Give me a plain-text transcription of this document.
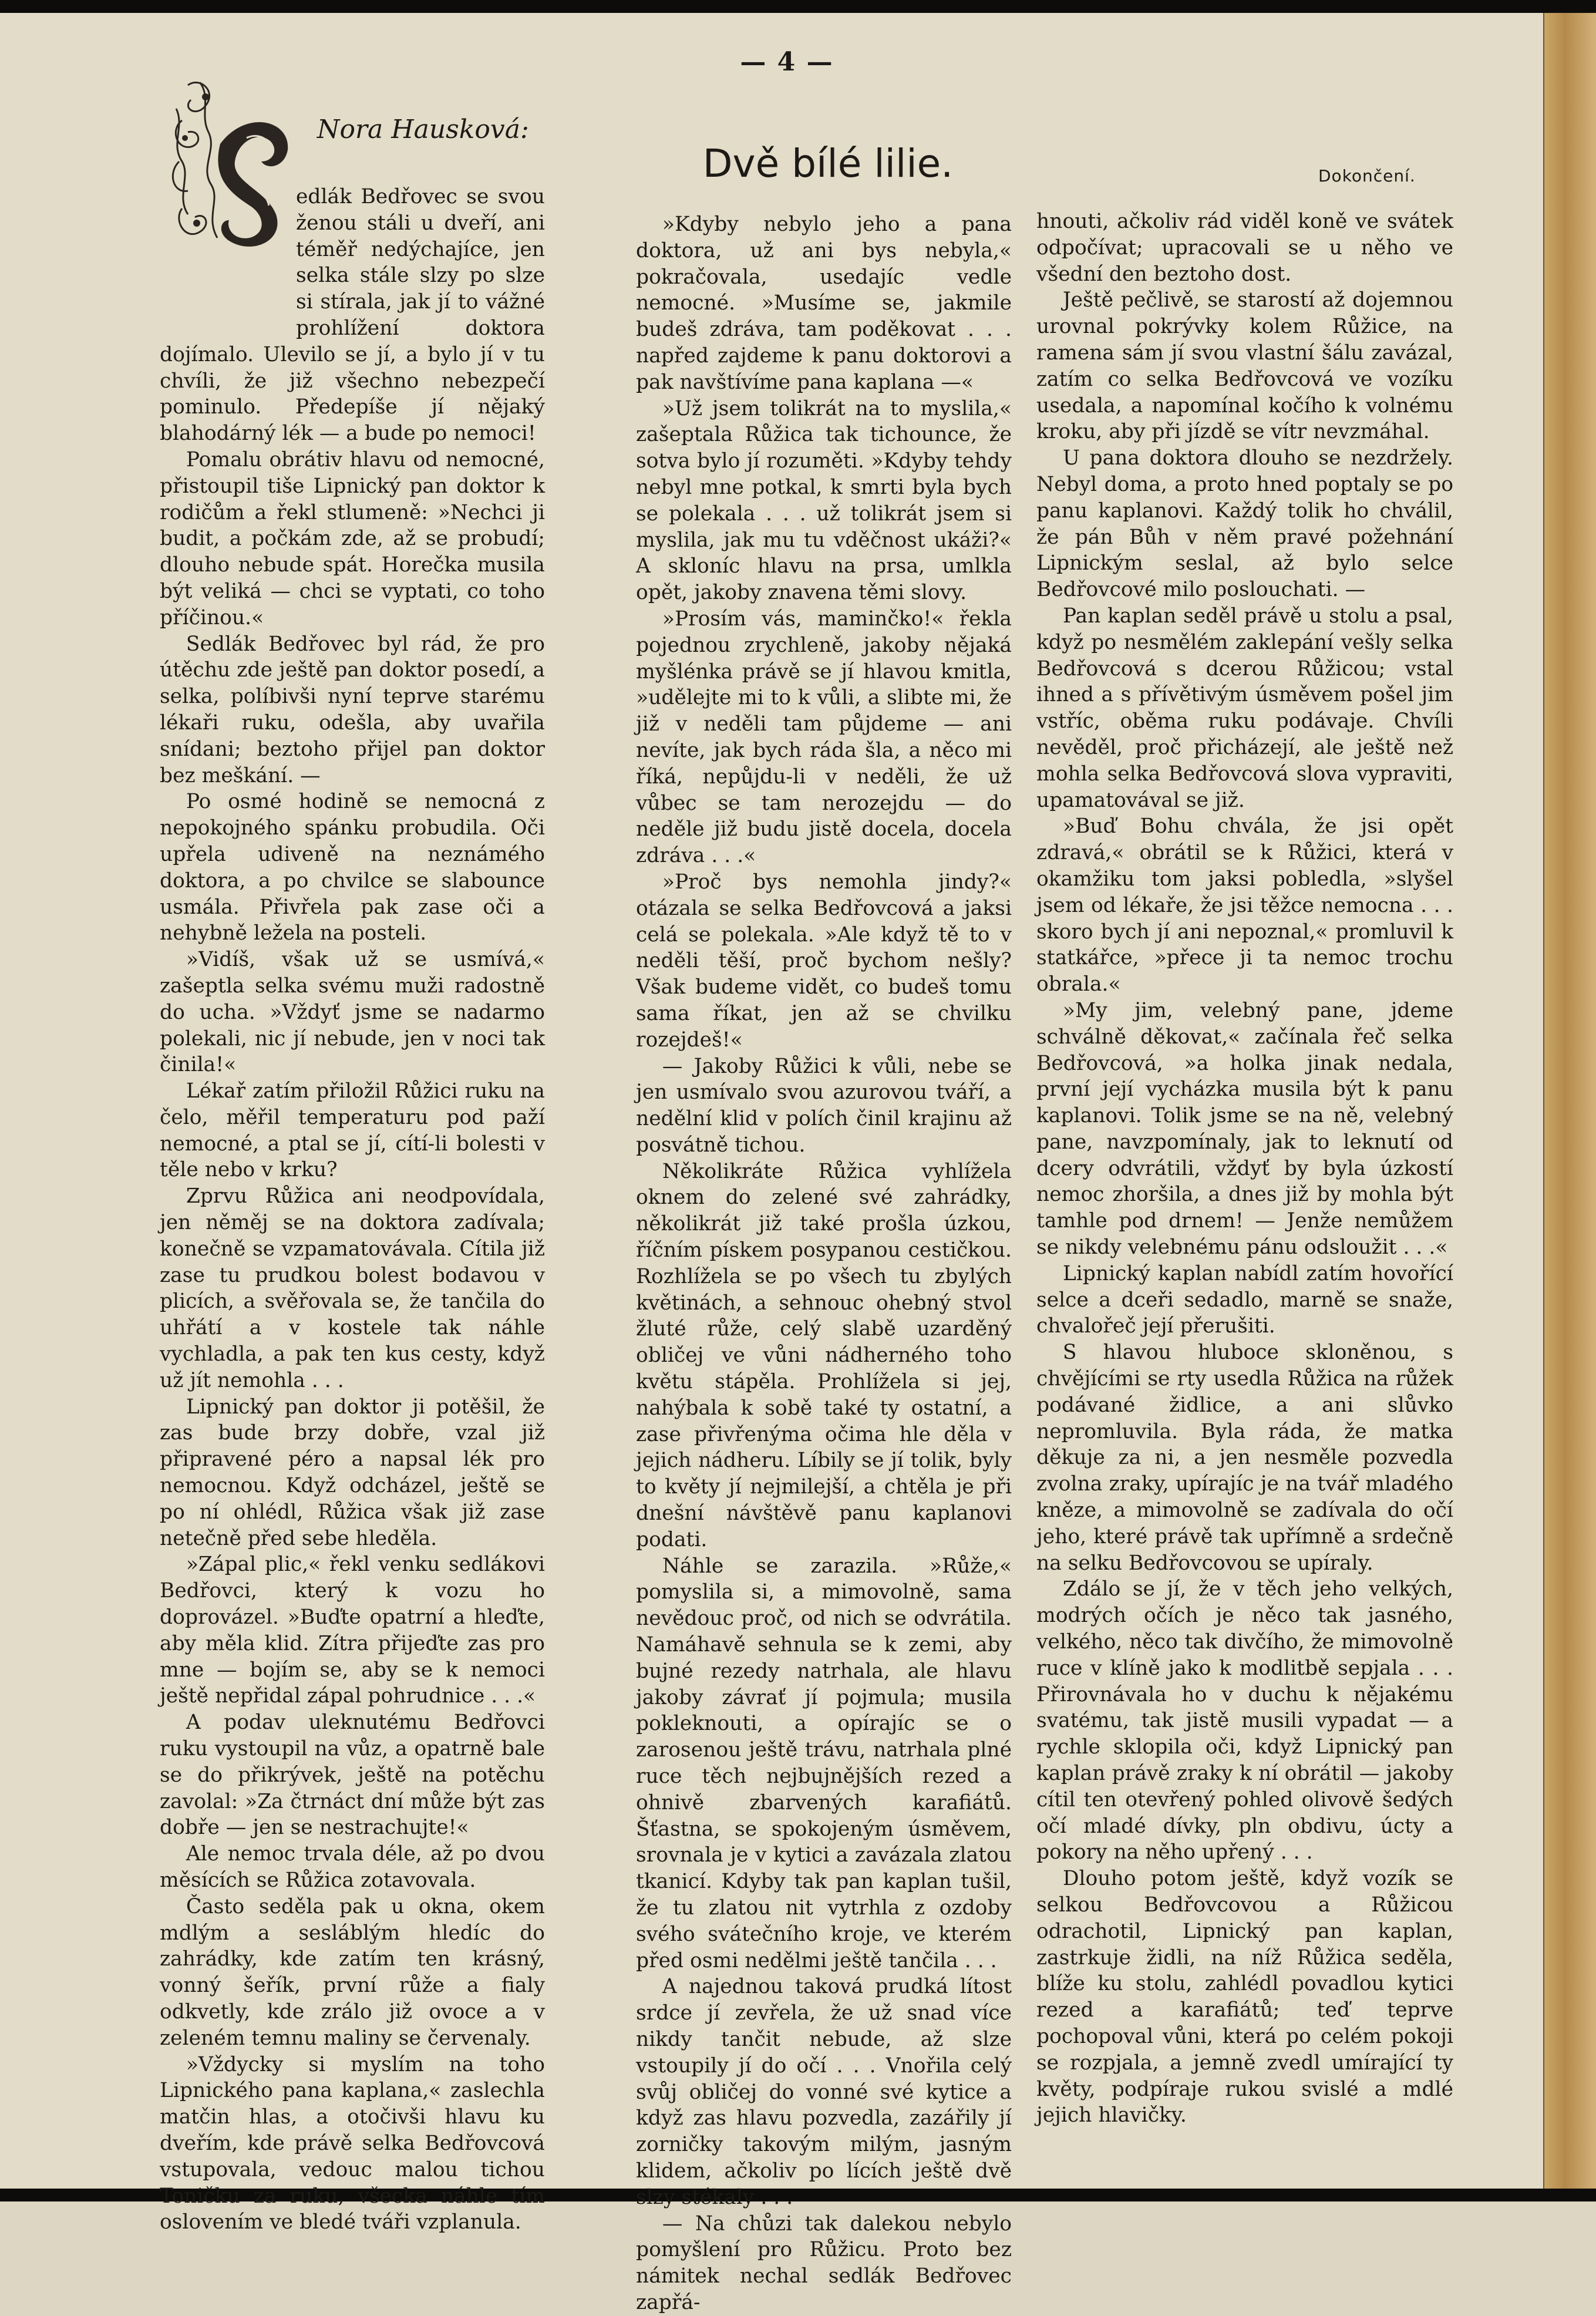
— 4 —
Nora Hausková:
Dvě bílé lilie.	Dokončení.

edlák Bedřovec se svou ženou stáli u dveří, ani téměř nedýchajíce, jen selka stále slzy po slze si stírala, jak jí to vážné prohlížení doktora dojímalo. Ulevilo se jí, a bylo jí v tu chvíli, že již všechno nebezpečí pominulo. Předepíše jí nějaký blahodárný lék — a bude po nemoci!

Pomalu obrátiv hlavu od nemocné, přistoupil tiše Lipnický pan doktor k rodičům a řekl stlumeně: »Nechci ji budit, a počkám zde, až se probudí; dlouho nebude spát. Horečka musila být veliká — chci se vyptati, co toho příčinou.«

Sedlák Bedřovec byl rád, že pro útěchu zde ještě pan doktor posedí, a selka, políbivši nyní teprve starému lékaři ruku, odešla, aby uvařila snídani; beztoho přijel pan doktor bez meškání. —

Po osmé hodině se nemocná z nepokojného spánku probudila. Oči upřela udiveně na neznámého doktora, a po chvilce se slabounce usmála. Přivřela pak zase oči a nehybně ležela na posteli.

»Vidíš, však už se usmívá,« zašeptla selka svému muži radostně do ucha. »Vždyť jsme se nadarmo polekali, nic jí nebude, jen v noci tak činila!«

Lékař zatím přiložil Růžici ruku na čelo, měřil temperaturu pod paží nemocné, a ptal se jí, cítí-li bolesti v těle nebo v krku?

Zprvu Růžica ani neodpovídala, jen něměj se na doktora zadívala; konečně se vzpamatovávala. Cítila již zase tu prudkou bolest bodavou v plicích, a svěřovala se, že tančila do uhřátí a v kostele tak náhle vychladla, a pak ten kus cesty, když už jít nemohla . . .

Lipnický pan doktor ji potěšil, že zas bude brzy dobře, vzal již připravené péro a napsal lék pro nemocnou. Když odcházel, ještě se po ní ohlédl, Růžica však již zase netečně před sebe hleděla.

»Zápal plic,« řekl venku sedlákovi Bedřovci, který k vozu ho doprovázel. »Buďte opatrní a hleďte, aby měla klid. Zítra přijeďte zas pro mne — bojím se, aby se k nemoci ještě nepřidal zápal pohrudnice . . .«

A podav uleknutému Bedřovci ruku vystoupil na vůz, a opatrně bale se do přikrývek, ještě na potěchu zavolal: »Za čtrnáct dní může být zas dobře — jen se nestrachujte!«

Ale nemoc trvala déle, až po dvou měsících se Růžica zotavovala.

Často seděla pak u okna, okem mdlým a sesláblým hledíc do zahrádky, kde zatím ten krásný, vonný šeřík, první růže a fialy odkvetly, kde zrálo již ovoce a v zeleném temnu maliny se červenaly.

»Vždycky si myslím na toho Lipnického pana kaplana,« zaslechla matčin hlas, a otočivši hlavu ku dveřím, kde právě selka Bedřovcová vstupovala, vedouc malou tichou Toničku za ruku, všecka náhle tím oslovením ve bledé tváři vzplanula.

»Kdyby nebylo jeho a pana doktora, už ani bys nebyla,« pokračovala, usedajíc vedle nemocné. »Musíme se, jakmile budeš zdráva, tam poděkovat . . . napřed zajdeme k panu doktorovi a pak navštívíme pana kaplana —«

»Už jsem tolikrát na to myslila,« zašeptala Růžica tak tichounce, že sotva bylo jí rozuměti. »Kdyby tehdy nebyl mne potkal, k smrti byla bych se polekala . . . už tolikrát jsem si myslila, jak mu tu vděčnost ukáži?« A skloníc hlavu na prsa, umlkla opět, jakoby znavena těmi slovy.

»Prosím vás, maminčko!« řekla pojednou zrychleně, jakoby nějaká myšlénka právě se jí hlavou kmitla, »udělejte mi to k vůli, a slibte mi, že již v neděli tam půjdeme — ani nevíte, jak bych ráda šla, a něco mi říká, nepůjdu-li v neděli, že už vůbec se tam nerozejdu — do neděle již budu jistě docela, docela zdráva . . .«

»Proč bys nemohla jindy?« otázala se selka Bedřovcová a jaksi celá se polekala. »Ale když tě to v neděli těší, proč bychom nešly? Však budeme vidět, co budeš tomu sama říkat, jen až se chvilku rozejdeš!«

— Jakoby Růžici k vůli, nebe se jen usmívalo svou azurovou tváří, a nedělní klid v polích činil krajinu až posvátně tichou.

Několikráte Růžica vyhlížela oknem do zelené své zahrádky, několikrát již také prošla úzkou, říčním pískem posypanou cestičkou. Rozhlížela se po všech tu zbylých květinách, a sehnouc ohebný stvol žluté růže, celý slabě uzarděný obličej ve vůni nádherného toho květu stápěla. Prohlížela si jej, nahýbala k sobě také ty ostatní, a zase přivřenýma očima hle děla v jejich nádheru. Líbily se jí tolik, byly to květy jí nejmilejší, a chtěla je při dnešní návštěvě panu kaplanovi podati.

Náhle se zarazila. »Růže,« pomyslila si, a mimovolně, sama nevědouc proč, od nich se odvrátila. Namáhavě sehnula se k zemi, aby bujné rezedy natrhala, ale hlavu jakoby závrať jí pojmula; musila pokleknouti, a opírajíc se o zarosenou ještě trávu, natrhala plné ruce těch nejbujnějších rezed a ohnivě zbarvených karafiátů. Šťastna, se spokojeným úsměvem, srovnala je v kytici a zavázala zlatou tkanicí. Kdyby tak pan kaplan tušil, že tu zlatou nit vytrhla z ozdoby svého svátečního kroje, ve kterém před osmi nedělmi ještě tančila . . .

A najednou taková prudká lítost srdce jí zevřela, že už snad více nikdy tančit nebude, až slze vstoupily jí do očí . . . Vnořila celý svůj obličej do vonné své kytice a když zas hlavu pozvedla, zazářily jí zorničky takovým milým, jasným klidem, ačkoliv po lících ještě dvě slzy stékaly . . .

— Na chůzi tak dalekou nebylo pomyšlení pro Růžicu. Proto bez námitek nechal sedlák Bedřovec zapřá-

hnouti, ačkoliv rád viděl koně ve svátek odpočívat; upracovali se u něho ve všední den beztoho dost.

Ještě pečlivě, se starostí až dojemnou urovnal pokrývky kolem Růžice, na ramena sám jí svou vlastní šálu zavázal, zatím co selka Bedřovcová ve vozíku usedala, a napomínal kočího k volnému kroku, aby při jízdě se vítr nevzmáhal.

U pana doktora dlouho se nezdržely. Nebyl doma, a proto hned poptaly se po panu kaplanovi. Každý tolik ho chválil, že pán Bůh v něm pravé požehnání Lipnickým seslal, až bylo selce Bedřovcové milo poslouchati. —

Pan kaplan seděl právě u stolu a psal, když po nesmělém zaklepání vešly selka Bedřovcová s dcerou Růžicou; vstal ihned a s přívětivým úsměvem pošel jim vstříc, oběma ruku podávaje. Chvíli nevěděl, proč přicházejí, ale ještě než mohla selka Bedřovcová slova vypraviti, upamatovával se již.

»Buď Bohu chvála, že jsi opět zdravá,« obrátil se k Růžici, která v okamžiku tom jaksi pobledla, »slyšel jsem od lékaře, že jsi těžce nemocna . . . skoro bych jí ani nepoznal,« promluvil k statkářce, »přece ji ta nemoc trochu obrala.«

»My jim, velebný pane, jdeme schválně děkovat,« začínala řeč selka Bedřovcová, »a holka jinak nedala, první její vycházka musila být k panu kaplanovi. Tolik jsme se na ně, velebný pane, navzpomínaly, jak to leknutí od dcery odvrátili, vždyť by byla úzkostí nemoc zhoršila, a dnes již by mohla být tamhle pod drnem! — Jenže nemůžem se nikdy velebnému pánu odsloužit . . .«

Lipnický kaplan nabídl zatím hovořící selce a dceři sedadlo, marně se snaže, chvalořeč její přerušiti.

S hlavou hluboce skloněnou, s chvějícími se rty usedla Růžica na růžek podávané židlice, a ani slůvko nepromluvila. Byla ráda, že matka děkuje za ni, a jen nesměle pozvedla zvolna zraky, upírajíc je na tvář mladého kněze, a mimovolně se zadívala do očí jeho, které právě tak upřímně a srdečně na selku Bedřovcovou se upíraly.

Zdálo se jí, že v těch jeho velkých, modrých očích je něco tak jasného, velkého, něco tak divčího, že mimovolně ruce v klíně jako k modlitbě sepjala . . . Přirovnávala ho v duchu k nějakému svatému, tak jistě musili vypadat — a rychle sklopila oči, když Lipnický pan kaplan právě zraky k ní obrátil — jakoby cítil ten otevřený pohled olivově šedých očí mladé dívky, pln obdivu, úcty a pokory na něho upřený . . .

Dlouho potom ještě, když vozík se selkou Bedřovcovou a Růžicou odrachotil, Lipnický pan kaplan, zastrkuje židli, na níž Růžica seděla, blíže ku stolu, zahlédl povadlou kytici rezed a karafiátů; teď teprve pochopoval vůni, která po celém pokoji se rozpjala, a jemně zvedl umírající ty květy, podpíraje rukou svislé a mdlé jejich hlavičky.
